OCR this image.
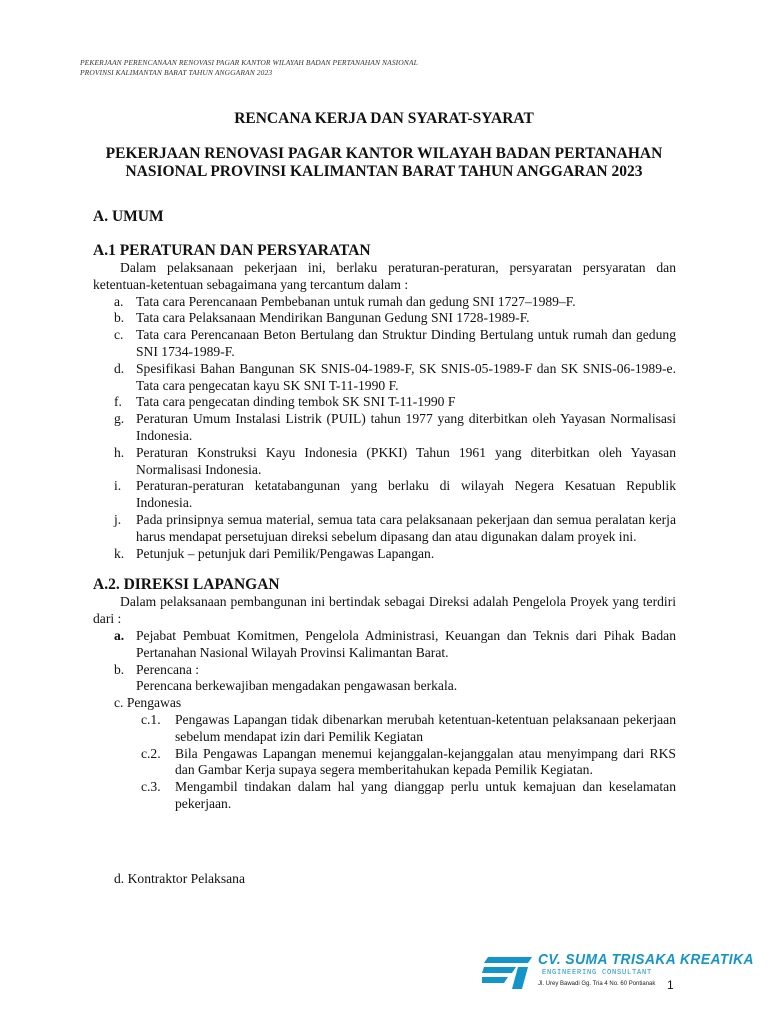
PEKERJAAN PERENCANAAN RENOVASI PAGAR KANTOR WILAYAH BADAN PERTANAHAN NASIONAL
PROVINSI KALIMANTAN BARAT TAHUN ANGGARAN 2023
RENCANA KERJA DAN SYARAT-SYARAT
PEKERJAAN RENOVASI PAGAR KANTOR WILAYAH BADAN PERTANAHAN
NASIONAL PROVINSI KALIMANTAN BARAT TAHUN ANGGARAN 2023
A. UMUM
A.1 PERATURAN DAN PERSYARATAN
Dalam pelaksanaan pekerjaan ini, berlaku peraturan-peraturan, persyaratan persyaratan dan ketentuan-ketentuan sebagaimana yang tercantum dalam :
a. Tata cara Perencanaan Pembebanan untuk rumah dan gedung SNI 1727–1989–F.
b. Tata cara Pelaksanaan Mendirikan Bangunan Gedung SNI 1728-1989-F.
c. Tata cara Perencanaan Beton Bertulang dan Struktur Dinding Bertulang untuk rumah dan gedung SNI 1734-1989-F.
d. Spesifikasi Bahan Bangunan SK SNIS-04-1989-F, SK SNIS-05-1989-F dan SK SNIS-06-1989-e. Tata cara pengecatan kayu SK SNI T-11-1990 F.
f.	Tata cara pengecatan dinding tembok SK SNI T-11-1990 F
g. Peraturan Umum Instalasi Listrik (PUIL) tahun 1977 yang diterbitkan oleh Yayasan Normalisasi Indonesia.
h. Peraturan Konstruksi Kayu Indonesia (PKKI) Tahun 1961 yang diterbitkan oleh Yayasan Normalisasi Indonesia.
i.	Peraturan-peraturan ketatabangunan yang berlaku di wilayah Negera Kesatuan Republik Indonesia.
j.	Pada prinsipnya semua material, semua tata cara pelaksanaan pekerjaan dan semua peralatan kerja harus mendapat persetujuan direksi sebelum dipasang dan atau digunakan dalam proyek ini.
k. Petunjuk – petunjuk dari Pemilik/Pengawas Lapangan.
A.2. DIREKSI LAPANGAN
Dalam pelaksanaan pembangunan ini bertindak sebagai Direksi adalah Pengelola Proyek yang terdiri dari :
a. Pejabat Pembuat Komitmen, Pengelola Administrasi, Keuangan dan Teknis dari Pihak Badan Pertanahan Nasional Wilayah Provinsi Kalimantan Barat.
b. Perencana :
Perencana berkewajiban mengadakan pengawasan berkala.
c. Pengawas
c.1.	Pengawas Lapangan tidak dibenarkan merubah ketentuan-ketentuan pelaksanaan pekerjaan sebelum mendapat izin dari Pemilik Kegiatan
c.2.	Bila Pengawas Lapangan menemui kejanggalan-kejanggalan atau menyimpang dari RKS dan Gambar Kerja supaya segera memberitahukan kepada Pemilik Kegiatan.
c.3.	Mengambil tindakan dalam hal yang dianggap perlu untuk kemajuan dan keselamatan pekerjaan.
d. Kontraktor Pelaksana
CV. SUMA TRISAKA KREATIKA
ENGINEERING CONSULTANT
Jl. Urey Bawadi Gg. Tria 4 No. 60 Pontianak 1
